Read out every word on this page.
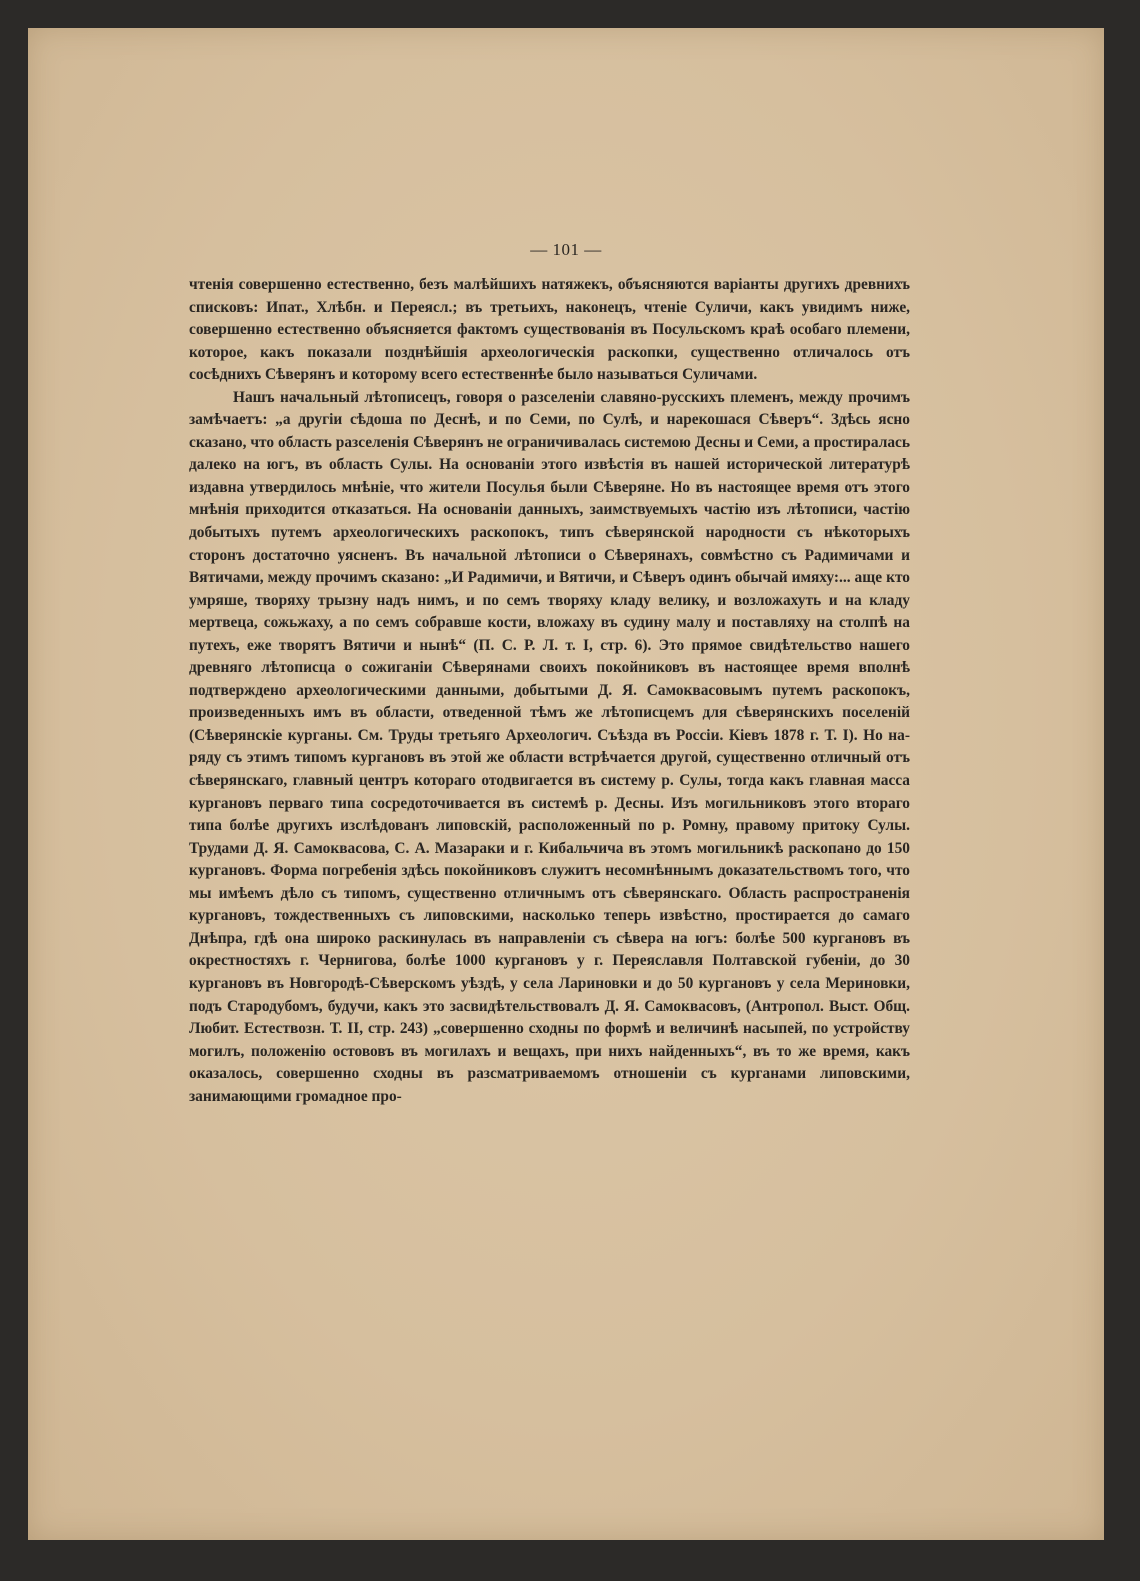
— 101 —

чтенія совершенно естественно, безъ малѣйшихъ натяжекъ, объясняются варіанты другихъ древнихъ списковъ: Ипат., Хлѣбн. и Переясл.; въ третьихъ, наконецъ, чтеніе Суличи, какъ увидимъ ниже, совершенно естественно объясняется фактомъ существованія въ Посульскомъ краѣ особаго племени, которое, какъ показали позднѣйшія археологическія раскопки, существенно отличалось отъ сосѣднихъ Сѣверянъ и которому всего естественнѣе было называться Суличами.

Нашъ начальный лѣтописецъ, говоря о разселеніи славяно-русскихъ племенъ, между прочимъ замѣчаетъ: „а другіи сѣдоша по Деснѣ, и по Семи, по Сулѣ, и нарекошася Сѣверъ“. Здѣсь ясно сказано, что область разселенія Сѣверянъ не ограничивалась системою Десны и Семи, а простиралась далеко на югъ, въ область Сулы. На основаніи этого извѣстія въ нашей исторической литературѣ издавна утвердилось мнѣніе, что жители Посулья были Сѣверяне. Но въ настоящее время отъ этого мнѣнія приходится отказаться. На основаніи данныхъ, заимствуемыхъ частію изъ лѣтописи, частію добытыхъ путемъ археологическихъ раскопокъ, типъ сѣверянской народности съ нѣкоторыхъ сторонъ достаточно уясненъ. Въ начальной лѣтописи о Сѣверянахъ, совмѣстно съ Радимичами и Вятичами, между прочимъ сказано: „И Радимичи, и Вятичи, и Сѣверъ одинъ обычай имяху:... аще кто умряше, творяху трызну надъ нимъ, и по семъ творяху кладу велику, и возложахуть и на кладу мертвеца, сожьжаху, а по семъ собравше кости, вложаху въ судину малу и поставляху на столпѣ на путехъ, еже творятъ Вятичи и нынѣ“ (П. С. Р. Л. т. I, стр. 6). Это прямое свидѣтельство нашего древняго лѣтописца о сожиганіи Сѣверянами своихъ покойниковъ въ настоящее время вполнѣ подтверждено археологическими данными, добытыми Д. Я. Самоквасовымъ путемъ раскопокъ, произведенныхъ имъ въ области, отведенной тѣмъ же лѣтописцемъ для сѣверянскихъ поселеній (Сѣверянскіе курганы. См. Труды третьяго Археологич. Съѣзда въ Россіи. Кіевъ 1878 г. Т. I). Но на-ряду съ этимъ типомъ кургановъ въ этой же области встрѣчается другой, существенно отличный отъ сѣверянскаго, главный центръ котораго отодвигается въ систему р. Сулы, тогда какъ главная масса кургановъ перваго типа сосредоточивается въ системѣ р. Десны. Изъ могильниковъ этого втораго типа болѣе другихъ изслѣдованъ липовскій, расположенный по р. Ромну, правому притоку Сулы. Трудами Д. Я. Самоквасова, С. А. Мазараки и г. Кибальчича въ этомъ могильникѣ раскопано до 150 кургановъ. Форма погребенія здѣсь покойниковъ служитъ несомнѣннымъ доказательствомъ того, что мы имѣемъ дѣло съ типомъ, существенно отличнымъ отъ сѣверянскаго. Область распространенія кургановъ, тождественныхъ съ липовскими, насколько теперь извѣстно, простирается до самаго Днѣпра, гдѣ она широко раскинулась въ направленіи съ сѣвера на югъ: болѣе 500 кургановъ въ окрестностяхъ г. Чернигова, болѣе 1000 кургановъ у г. Переяславля Полтавской губеніи, до 30 кургановъ въ Новгородѣ-Сѣверскомъ уѣздѣ, у села Лариновки и до 50 кургановъ у села Мериновки, подъ Стародубомъ, будучи, какъ это засвидѣтельствовалъ Д. Я. Самоквасовъ, (Антропол. Выст. Общ. Любит. Естествозн. Т. II, стр. 243) „совершенно сходны по формѣ и величинѣ насыпей, по устройству могилъ, положенію остововъ въ могилахъ и вещахъ, при нихъ найденныхъ“, въ то же время, какъ оказалось, совершенно сходны въ разсматриваемомъ отношеніи съ курганами липовскими, занимающими громадное про-
